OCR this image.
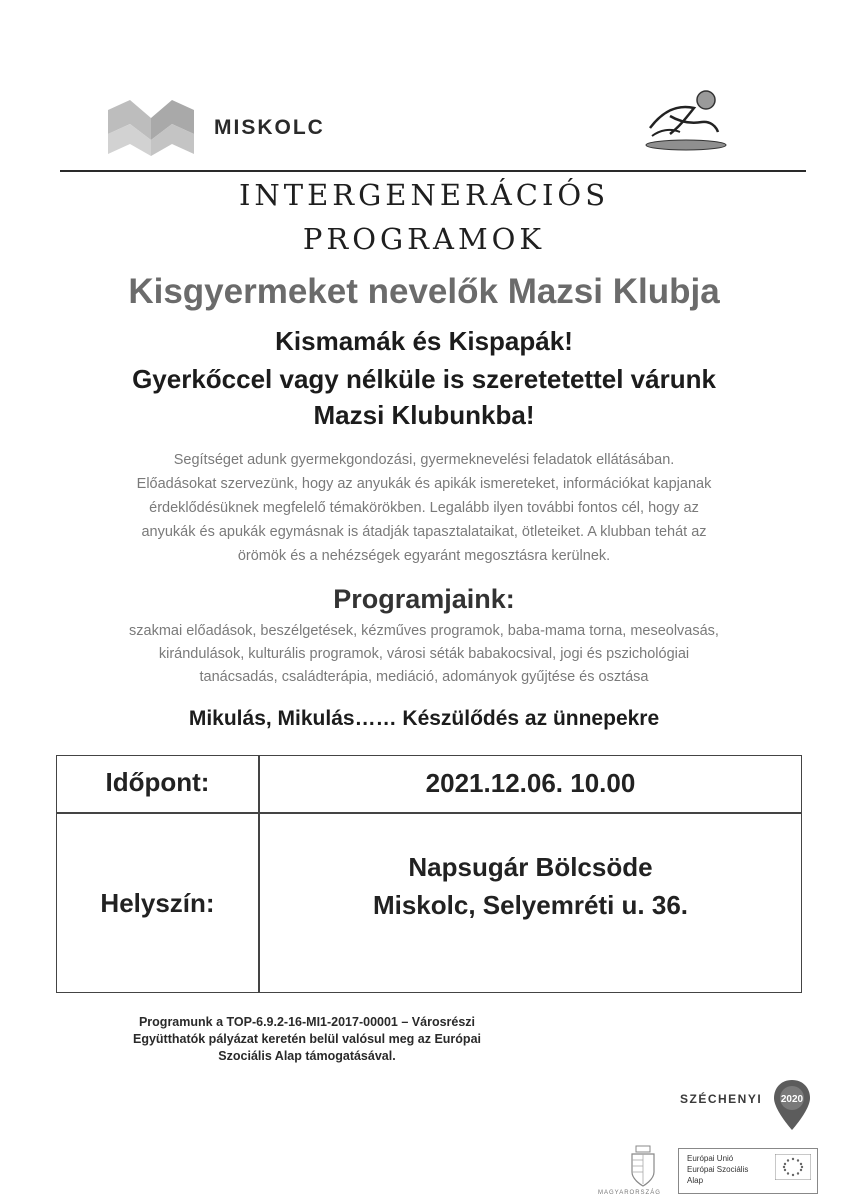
MISKOLC
INTERGENERÁCIÓS
PROGRAMOK
Kisgyermeket nevelők Mazsi Klubja
Kismamák és Kispapák!
Gyerkőccel vagy nélküle is szeretetettel várunk
Mazsi Klubunkba!

Segítséget adunk gyermekgondozási, gyermeknevelési feladatok ellátásában.

Előadásokat szervezünk, hogy az anyukák és apikák ismereteket, információkat kapjanak

érdeklődésüknek megfelelő témakörökben. Legalább ilyen további fontos cél, hogy az

anyukák és apukák egymásnak is átadják tapasztalataikat, ötleteiket. A klubban tehát az

örömök és a nehézségek egyaránt megosztásra kerülnek.

Programjaink:

szakmai előadások, beszélgetések, kézműves programok, baba-mama torna, meseolvasás,

kirándulások, kulturális programok, városi séták babakocsival, jogi és pszichológiai

tanácsadás, családterápia, mediáció, adományok gyűjtése és osztása

Mikulás, Mikulás…… Készülődés az ünnepekre
Időpont:	2021.12.06. 10.00
Helyszín:
Napsugár Bölcsöde
Miskolc, Selyemréti u. 36.

Programunk a TOP-6.9.2-16-MI1-2017-00001 – Városrészi

Együtthatók pályázat keretén belül valósul meg az Európai

Szociális Alap támogatásával.

SZÉCHENYI 2020
MAGYARORSZÁG
Európai Unió
Európai Szociális
Alap
